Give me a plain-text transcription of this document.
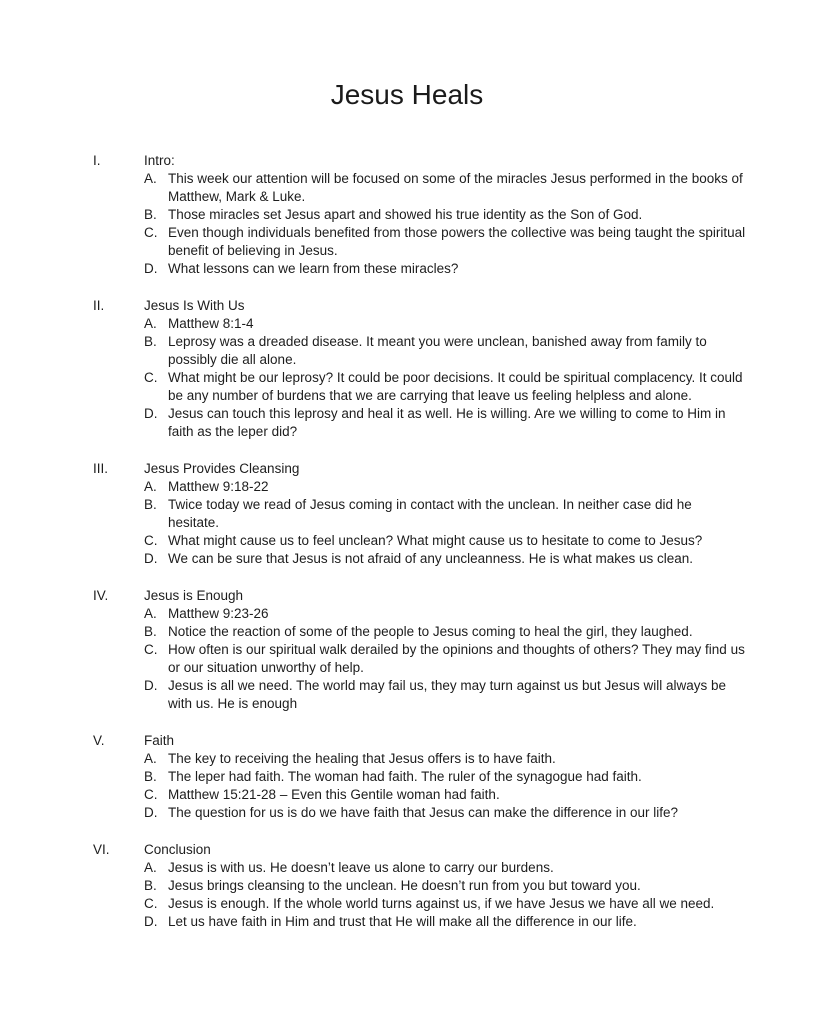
Jesus Heals
I.	Intro:
A. This week our attention will be focused on some of the miracles Jesus performed in the books of Matthew, Mark & Luke.
B. Those miracles set Jesus apart and showed his true identity as the Son of God.
C. Even though individuals benefited from those powers the collective was being taught the spiritual benefit of believing in Jesus.
D. What lessons can we learn from these miracles?
II.	Jesus Is With Us
A. Matthew 8:1-4
B. Leprosy was a dreaded disease. It meant you were unclean, banished away from family to possibly die all alone.
C. What might be our leprosy? It could be poor decisions. It could be spiritual complacency. It could be any number of burdens that we are carrying that leave us feeling helpless and alone.
D. Jesus can touch this leprosy and heal it as well. He is willing. Are we willing to come to Him in faith as the leper did?
III.	Jesus Provides Cleansing
A. Matthew 9:18-22
B. Twice today we read of Jesus coming in contact with the unclean. In neither case did he hesitate.
C. What might cause us to feel unclean? What might cause us to hesitate to come to Jesus?
D. We can be sure that Jesus is not afraid of any uncleanness. He is what makes us clean.
IV.	Jesus is Enough
A. Matthew 9:23-26
B. Notice the reaction of some of the people to Jesus coming to heal the girl, they laughed.
C. How often is our spiritual walk derailed by the opinions and thoughts of others? They may find us or our situation unworthy of help.
D. Jesus is all we need. The world may fail us, they may turn against us but Jesus will always be with us. He is enough
V.	Faith
A. The key to receiving the healing that Jesus offers is to have faith.
B. The leper had faith. The woman had faith. The ruler of the synagogue had faith.
C. Matthew 15:21-28 – Even this Gentile woman had faith.
D. The question for us is do we have faith that Jesus can make the difference in our life?
VI.	Conclusion
A. Jesus is with us. He doesn’t leave us alone to carry our burdens.
B. Jesus brings cleansing to the unclean. He doesn’t run from you but toward you.
C. Jesus is enough. If the whole world turns against us, if we have Jesus we have all we need.
D. Let us have faith in Him and trust that He will make all the difference in our life.
